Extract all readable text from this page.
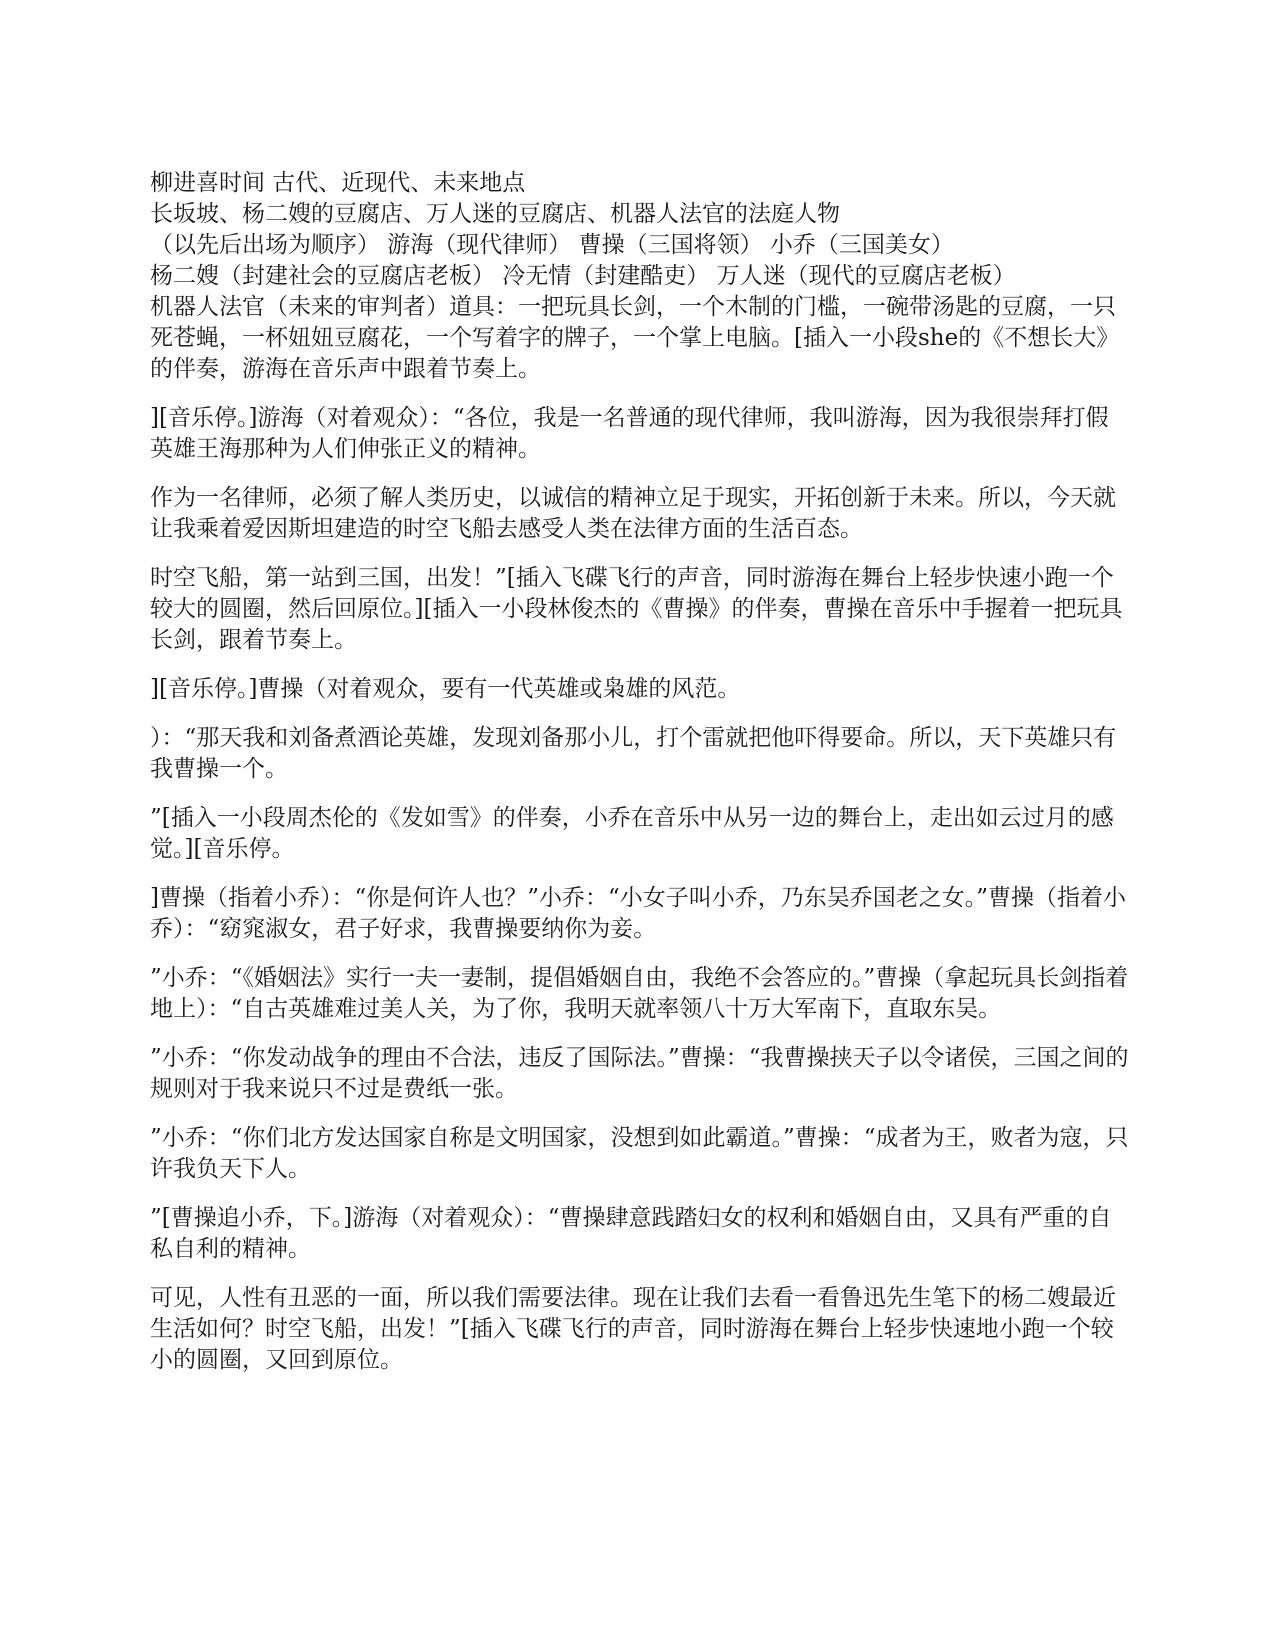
柳进喜时间 古代、近现代、未来地点
长坂坡、杨二嫂的豆腐店、万人迷的豆腐店、机器人法官的法庭人物
（以先后出场为顺序） 游海（现代律师） 曹操（三国将领） 小乔（三国美女）
杨二嫂（封建社会的豆腐店老板） 冷无情（封建酷吏） 万人迷（现代的豆腐店老板）
机器人法官（未来的审判者）道具：一把玩具长剑，一个木制的门槛，一碗带汤匙的豆腐，一只死苍蝇，一杯妞妞豆腐花，一个写着字的牌子，一个掌上电脑。[插入一小段she的《不想长大》的伴奏，游海在音乐声中跟着节奏上。

][音乐停。]游海（对着观众）：“各位，我是一名普通的现代律师，我叫游海，因为我很崇拜打假英雄王海那种为人们伸张正义的精神。

作为一名律师，必须了解人类历史，以诚信的精神立足于现实，开拓创新于未来。所以，今天就让我乘着爱因斯坦建造的时空飞船去感受人类在法律方面的生活百态。

时空飞船，第一站到三国，出发！”[插入飞碟飞行的声音，同时游海在舞台上轻步快速小跑一个较大的圆圈，然后回原位。][插入一小段林俊杰的《曹操》的伴奏，曹操在音乐中手握着一把玩具长剑，跟着节奏上。

][音乐停。]曹操（对着观众，要有一代英雄或枭雄的风范。

）：“那天我和刘备煮酒论英雄，发现刘备那小儿，打个雷就把他吓得要命。所以，天下英雄只有我曹操一个。

”[插入一小段周杰伦的《发如雪》的伴奏，小乔在音乐中从另一边的舞台上，走出如云过月的感觉。][音乐停。

]曹操（指着小乔）：“你是何许人也？”小乔：“小女子叫小乔，乃东吴乔国老之女。”曹操（指着小乔）：“窈窕淑女，君子好求，我曹操要纳你为妾。

”小乔：“《婚姻法》实行一夫一妻制，提倡婚姻自由，我绝不会答应的。”曹操（拿起玩具长剑指着地上）：“自古英雄难过美人关，为了你，我明天就率领八十万大军南下，直取东吴。

”小乔：“你发动战争的理由不合法，违反了国际法。”曹操：“我曹操挟天子以令诸侯，三国之间的规则对于我来说只不过是费纸一张。

”小乔：“你们北方发达国家自称是文明国家，没想到如此霸道。”曹操：“成者为王，败者为寇，只许我负天下人。

”[曹操追小乔，下。]游海（对着观众）：“曹操肆意践踏妇女的权利和婚姻自由，又具有严重的自私自利的精神。

可见，人性有丑恶的一面，所以我们需要法律。现在让我们去看一看鲁迅先生笔下的杨二嫂最近生活如何？时空飞船，出发！”[插入飞碟飞行的声音，同时游海在舞台上轻步快速地小跑一个较小的圆圈，又回到原位。
